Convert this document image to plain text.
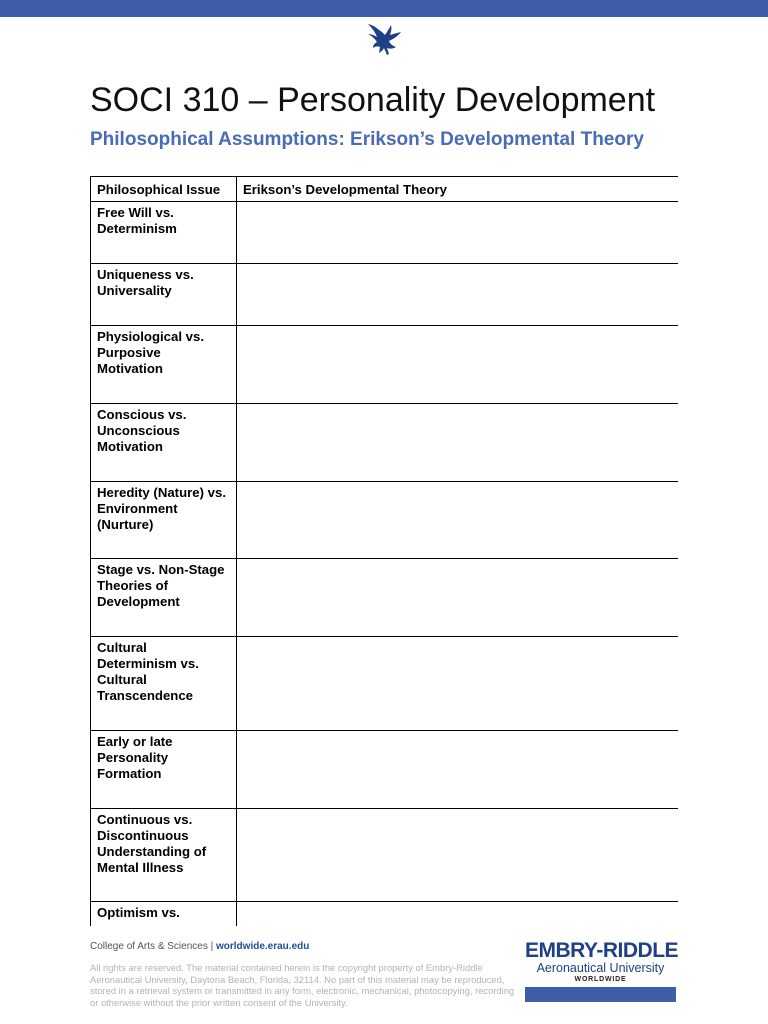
SOCI 310 – Personality Development
Philosophical Assumptions: Erikson’s Developmental Theory
Philosophical Issue	Erikson’s Developmental Theory
Free Will vs. Determinism	
Uniqueness vs. Universality	
Physiological vs. Purposive Motivation	
Conscious vs. Unconscious Motivation	
Heredity (Nature) vs. Environment (Nurture)	
Stage vs. Non-Stage Theories of Development	
Cultural Determinism vs. Cultural Transcendence	
Early or late Personality Formation	
Continuous vs. Discontinuous Understanding of Mental Illness	
Optimism vs.	
College of Arts & Sciences | worldwide.erau.edu
All rights are reserved. The material contained herein is the copyright property of Embry-Riddle Aeronautical University, Daytona Beach, Florida, 32114. No part of this material may be reproduced, stored in a retrieval system or transmitted in any form, electronic, mechanical, photocopying, recording or otherwise without the prior written consent of the University.
EMBRY-RIDDLE
Aeronautical University
WORLDWIDE
